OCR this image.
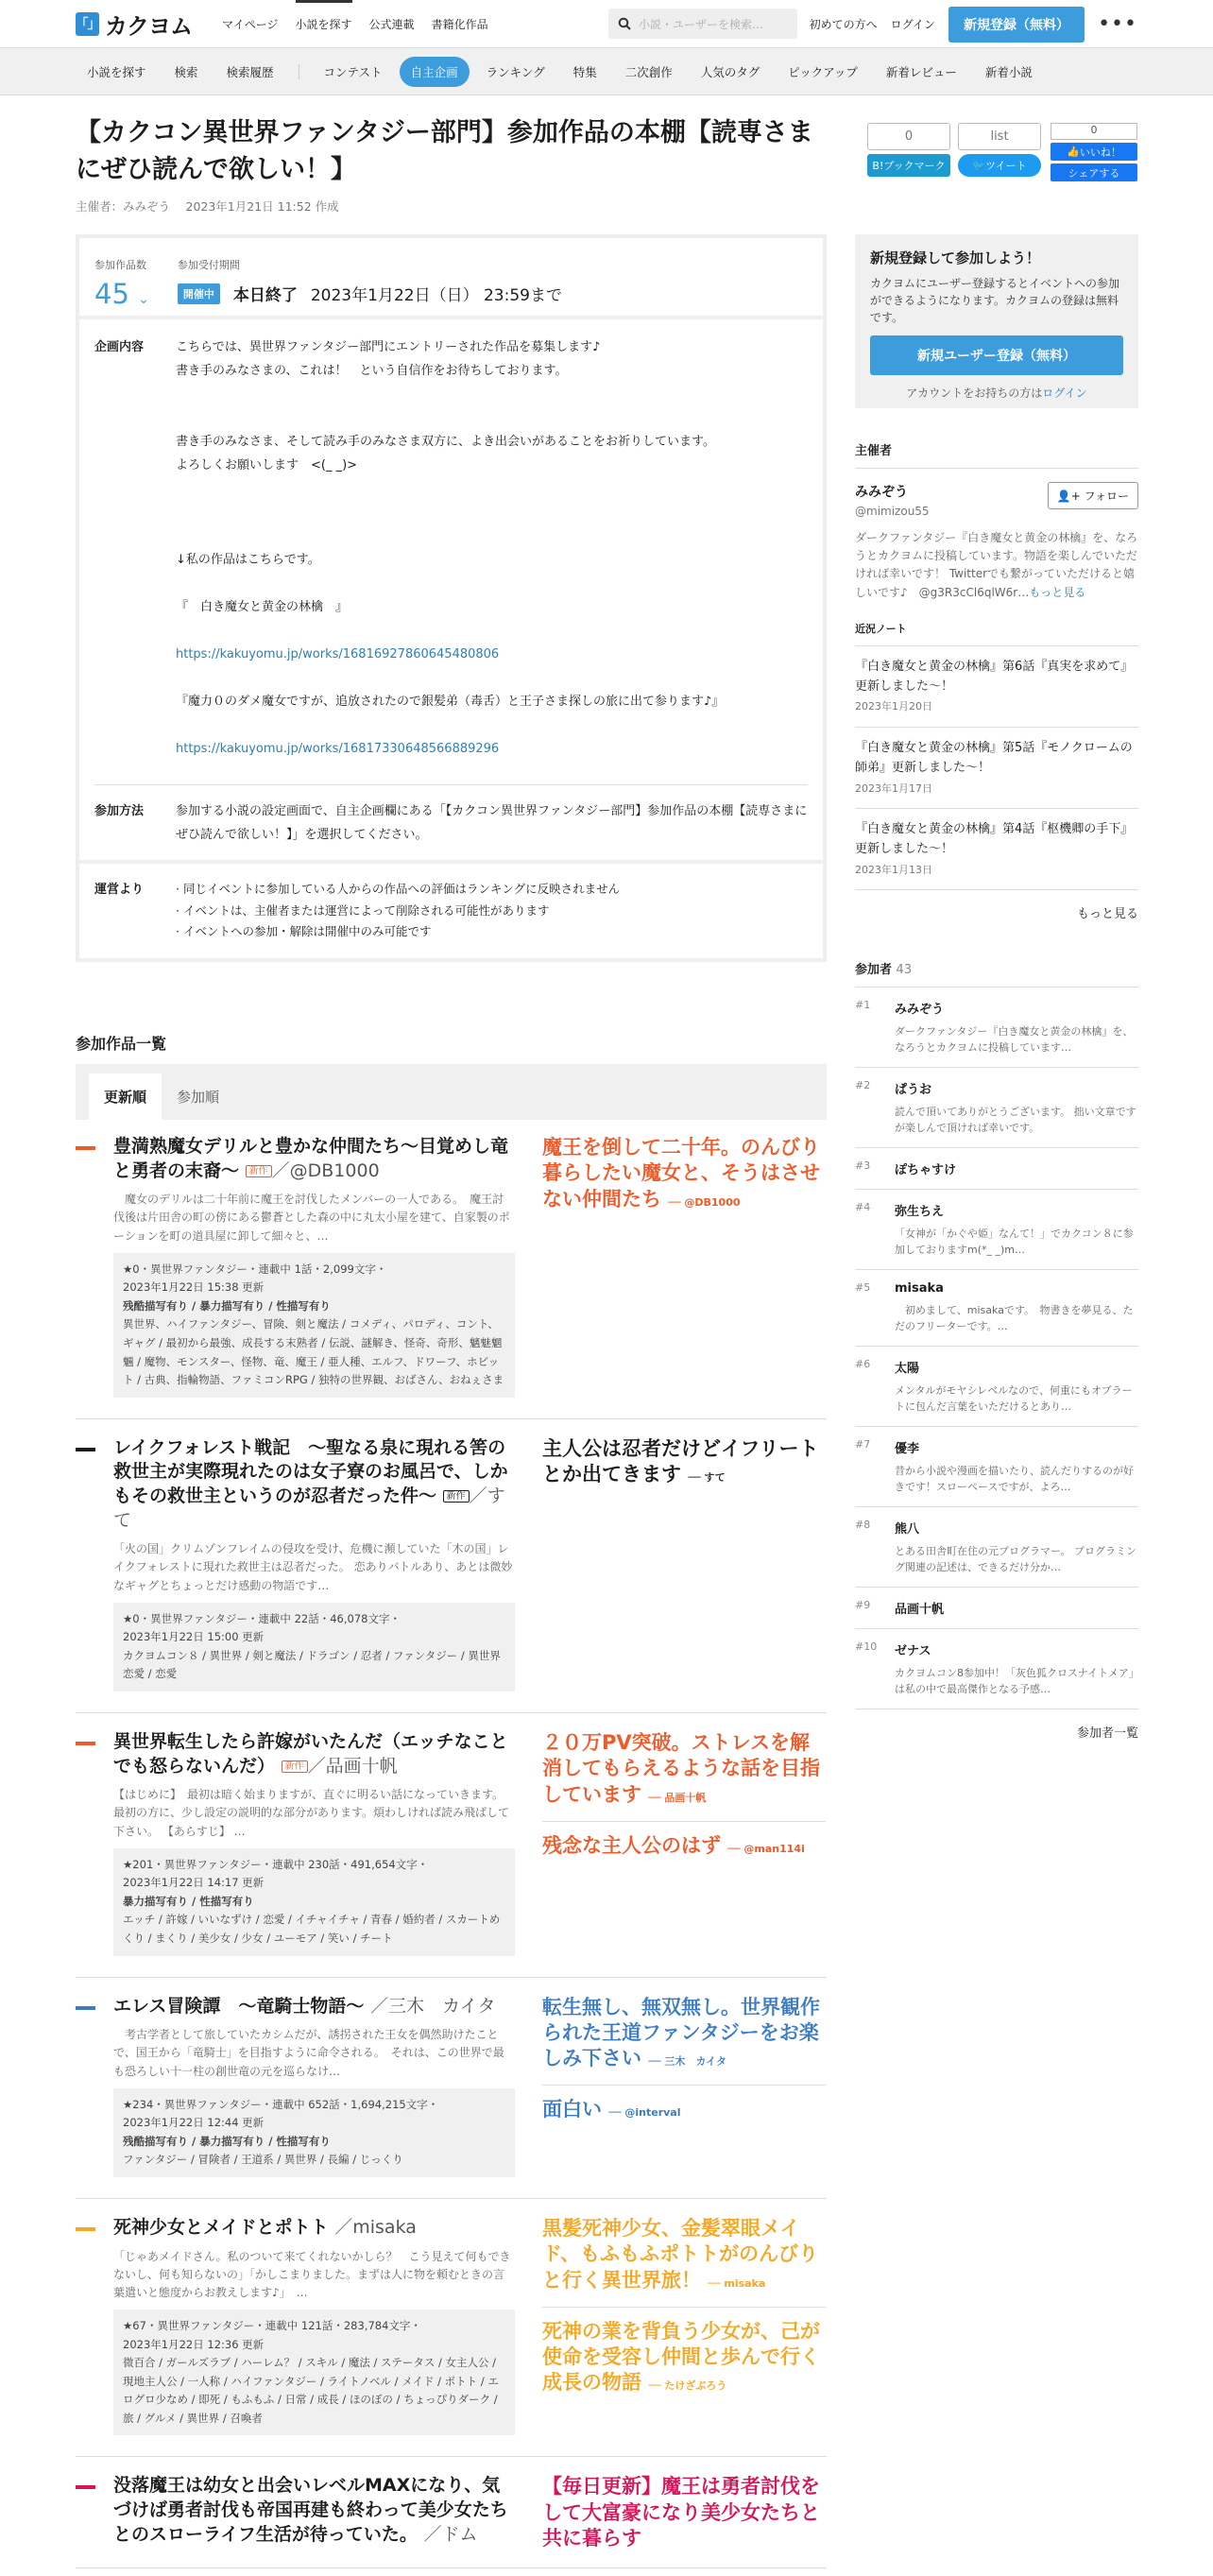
「」 カクヨム	マイページ 小説を探す 公式連載 書籍化作品	小説・ユーザーを検索…	初めての方へ ログイン	新規登録（無料）	•••
小説を探す	検索	検索履歴	コンテスト	自主企画	ランキング	特集	二次創作	人気のタグ	ピックアップ	新着レビュー	新着小説
【カクコン異世界ファンタジー部門】参加作品の本棚【読専さまにぜひ読んで欲しい！】
主催者：みみぞう　 2023年1月21日 11:52 作成
0
B!ブックマーク
list
🐦 ツイート
0
👍 いいね！
シェアする
参加作品数
45 ⌄
参加受付期間
開催中	本日終了 2023年1月22日（日） 23:59まで
企画内容	こちらでは、異世界ファンタジー部門にエントリーされた作品を募集します♪

書き手のみなさまの、これは！　という自信作をお待ちしております。

書き手のみなさま、そして読み手のみなさま双方に、よき出会いがあることをお祈りしています。

よろしくお願いします　<(_ _)>

↓私の作品はこちらです。

『　白き魔女と黄金の林檎　』

https://kakuyomu.jp/works/16816927860645480806

『魔力０のダメ魔女ですが、追放されたので銀髪弟（毒舌）と王子さま探しの旅に出て参ります♪』

https://kakuyomu.jp/works/16817330648566889296

参加方法	参加する小説の設定画面で、自主企画欄にある「【カクコン異世界ファンタジー部門】参加作品の本棚【読専さまにぜひ読んで欲しい！】」を選択してください。
運営より	· 同じイベントに参加している人からの作品への評価はランキングに反映されません
· イベントは、主催者または運営によって削除される可能性があります
· イベントへの参加・解除は開催中のみ可能です
新規登録して参加しよう！

カクヨムにユーザー登録するとイベントへの参加ができるようになります。カクヨムの登録は無料です。

新規ユーザー登録（無料）
アカウントをお持ちの方はログイン
主催者
みみぞう
@mimizou55
👤+ フォロー
ダークファンタジー『白き魔女と黄金の林檎』を、なろうとカクヨムに投稿しています。物語を楽しんでいただければ幸いです！ Twitterでも繋がっていただけると嬉しいです♪　@g3R3cCl6qlW6r…もっと見る
近況ノート
『白き魔女と黄金の林檎』第6話『真実を求めて』更新しました～！
2023年1月20日
『白き魔女と黄金の林檎』第5話『モノクロームの師弟』更新しました～！
2023年1月17日
『白き魔女と黄金の林檎』第4話『枢機卿の手下』更新しました～！
2023年1月13日
もっと見る
参加者 43
#1	みみぞう
ダークファンタジー『白き魔女と黄金の林檎』を、なろうとカクヨムに投稿しています…
#2	ぱうお
読んで頂いてありがとうございます。 拙い文章ですが楽しんで頂ければ幸いです。
#3	ぽちゃすけ
#4	弥生ちえ
「女神が「かぐや姫」なんて！」でカクコン８に参加しておりますm(*_ _)m…
#5	misaka
　初めまして、misakaです。　物書きを夢見る、ただのフリーターです。…
#6	太陽
メンタルがモヤシレベルなので、何重にもオブラートに包んだ言葉をいただけるとあり…
#7	優李
昔から小説や漫画を描いたり、読んだりするのが好きです！スローペースですが、よろ…
#8	熊八
とある田舎町在住の元プログラマー。 プログラミング関連の記述は、できるだけ分か…
#9	品画十帆
#10	ゼナス
カクヨムコン8参加中！「灰色狐クロスナイトメア」は私の中で最高傑作となる予感…
参加者一覧
参加作品一覧
更新順	参加順
豊満熟魔女デリルと豊かな仲間たち～目覚めし竜と勇者の末裔～ 新作 ／@DB1000
　魔女のデリルは二十年前に魔王を討伐したメンバーの一人である。　魔王討伐後は片田舎の町の傍にある鬱蒼とした森の中に丸太小屋を建て、自家製のポーションを町の道具屋に卸して細々と、…
★0・異世界ファンタジー・連載中 1話・2,099文字・
2023年1月22日 15:38 更新
残酷描写有り / 暴力描写有り / 性描写有り
異世界、ハイファンタジー、冒険、剣と魔法 / コメディ、パロディ、コント、ギャグ / 最初から最強、成長する末熟者 / 伝説、謎解き、怪奇、奇形、魑魅魍魎 / 魔物、モンスター、怪物、竜、魔王 / 亜人種、エルフ、ドワーフ、ホビット / 古典、指輪物語、ファミコンRPG / 独特の世界観、おばさん、おねぇさま
魔王を倒して二十年。のんびり暮らしたい魔女と、そうはさせない仲間たち ── @DB1000
レイクフォレスト戦記　～聖なる泉に現れる筈の救世主が実際現れたのは女子寮のお風呂で、しかもその救世主というのが忍者だった件～ 新作 ／すて
「火の国」クリムゾンフレイムの侵攻を受け、危機に瀕していた「木の国」レイクフォレストに現れた救世主は忍者だった。 恋ありバトルあり、あとは微妙なギャグとちょっとだけ感動の物語です…
★0・異世界ファンタジー・連載中 22話・46,078文字・
2023年1月22日 15:00 更新
カクヨムコン８ / 異世界 / 剣と魔法 / ドラゴン / 忍者 / ファンタジー / 異世界恋愛 / 恋愛
主人公は忍者だけどイフリートとか出てきます ── すて
異世界転生したら許嫁がいたんだ（エッチなことでも怒らないんだ） 新作 ／品画十帆
【はじめに】　最初は暗く始まりますが、直ぐに明るい話になっていきます。 最初の方に、少し設定の説明的な部分があります。煩わしければ読み飛ばして下さい。 【あらすじ】 …
★201・異世界ファンタジー・連載中 230話・491,654文字・
2023年1月22日 14:17 更新
暴力描写有り / 性描写有り
エッチ / 許嫁 / いいなずけ / 恋愛 / イチャイチャ / 青春 / 婚約者 / スカートめくり / まくり / 美少女 / 少女 / ユーモア / 笑い / チート
２０万PV突破。ストレスを解消してもらえるような話を目指しています ── 品画十帆
残念な主人公のはず ── @man114i
エレス冒険譚　～竜騎士物語～ ／三木　カイタ
　考古学者として旅していたカシムだが、誘拐された王女を偶然助けたことで、国王から「竜騎士」を目指すように命令される。　それは、この世界で最も恐ろしい十一柱の創世竜の元を巡らなけ…
★234・異世界ファンタジー・連載中 652話・1,694,215文字・
2023年1月22日 12:44 更新
残酷描写有り / 暴力描写有り / 性描写有り
ファンタジー / 冒険者 / 王道系 / 異世界 / 長編 / じっくり
転生無し、無双無し。世界観作られた王道ファンタジーをお楽しみ下さい ── 三木　カイタ
面白い ── @interval
死神少女とメイドとポトト ／misaka
「じゃあメイドさん。私のついて来てくれないかしら？　こう見えて何もできないし、何も知らないの」「かしこまりました。まずは人に物を頼むときの言葉遣いと態度からお教えします♪」　…
★67・異世界ファンタジー・連載中 121話・283,784文字・
2023年1月22日 12:36 更新
微百合 / ガールズラブ / ハーレム？ / スキル / 魔法 / ステータス / 女主人公 / 現地主人公 / 一人称 / ハイファンタジー / ライトノベル / メイド / ポトト / エログロ少なめ / 即死 / もふもふ / 日常 / 成長 / ほのぼの / ちょっぴりダーク / 旅 / グルメ / 異世界 / 召喚者
黒髪死神少女、金髪翠眼メイド、もふもふポトトがのんびりと行く異世界旅！ ── misaka
死神の業を背負う少女が、己が使命を受容し仲間と歩んで行く成長の物語 ── たけざぶろう
没落魔王は幼女と出会いレベルMAXになり、気づけば勇者討伐も帝国再建も終わって美少女たちとのスローライフ生活が待っていた。 ／ドム
【毎日更新】魔王は勇者討伐をして大富豪になり美少女たちと共に暮らす
